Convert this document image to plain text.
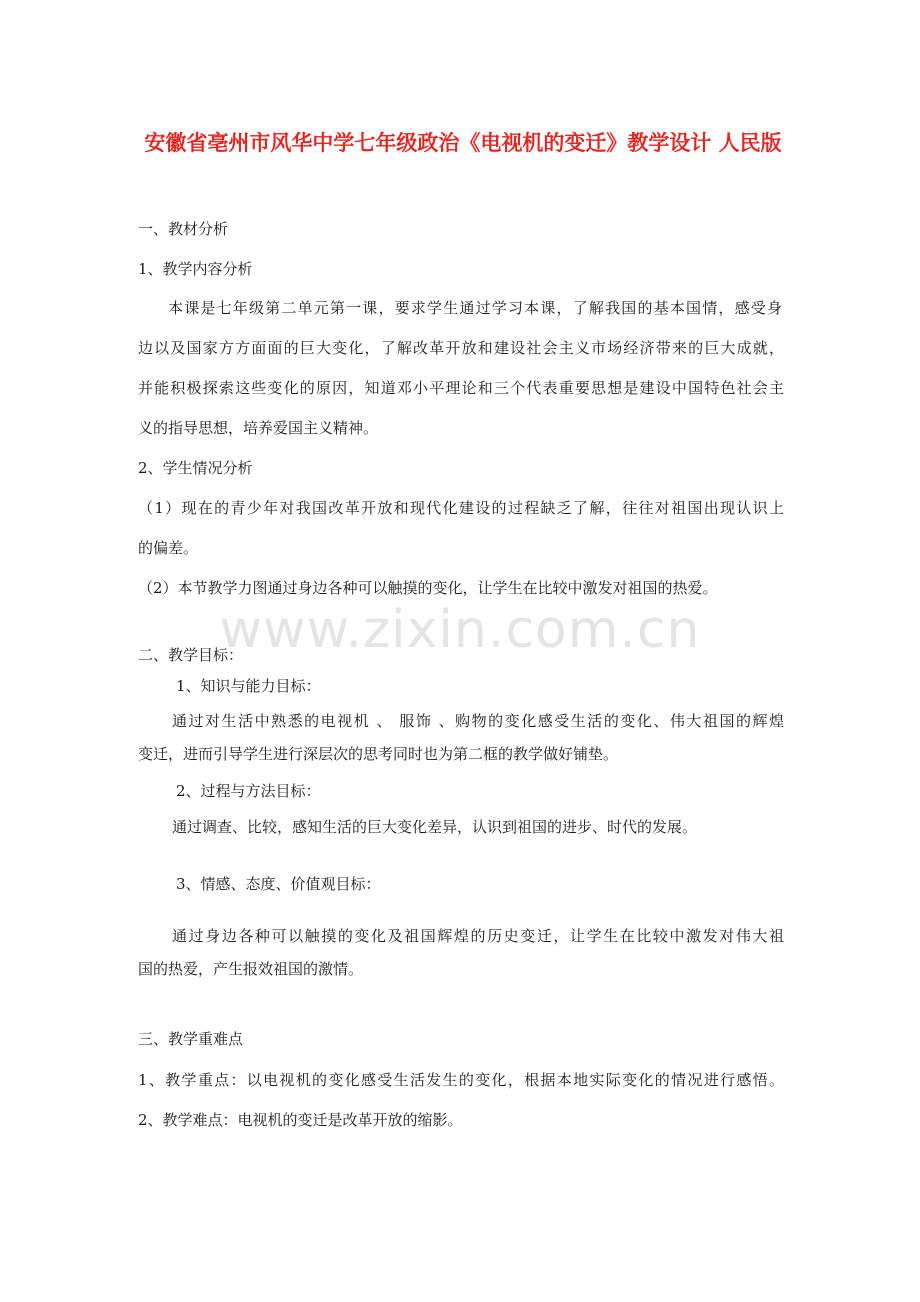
安徽省亳州市风华中学七年级政治《电视机的变迁》教学设计 人民版
www.zixin.com.cn

一、教材分析

1、教学内容分析

本课是七年级第二单元第一课，要求学生通过学习本课，了解我国的基本国情，感受身

边以及国家方方面面的巨大变化，了解改革开放和建设社会主义市场经济带来的巨大成就，

并能积极探索这些变化的原因，知道邓小平理论和三个代表重要思想是建设中国特色社会主

义的指导思想，培养爱国主义精神。

2、学生情况分析

（1）现在的青少年对我国改革开放和现代化建设的过程缺乏了解，往往对祖国出现认识上

的偏差。

（2）本节教学力图通过身边各种可以触摸的变化，让学生在比较中激发对祖国的热爱。

二、教学目标：

1、知识与能力目标：

通过对生活中熟悉的电视机 、 服饰 、购物的变化感受生活的变化、伟大祖国的辉煌

变迁，进而引导学生进行深层次的思考同时也为第二框的教学做好铺垫。

2、过程与方法目标：

通过调查、比较，感知生活的巨大变化差异，认识到祖国的进步、时代的发展。

3、情感、态度、价值观目标：

通过身边各种可以触摸的变化及祖国辉煌的历史变迁，让学生在比较中激发对伟大祖

国的热爱，产生报效祖国的激情。

三、教学重难点

1、教学重点：以电视机的变化感受生活发生的变化，根据本地实际变化的情况进行感悟。

2、教学难点：电视机的变迁是改革开放的缩影。
